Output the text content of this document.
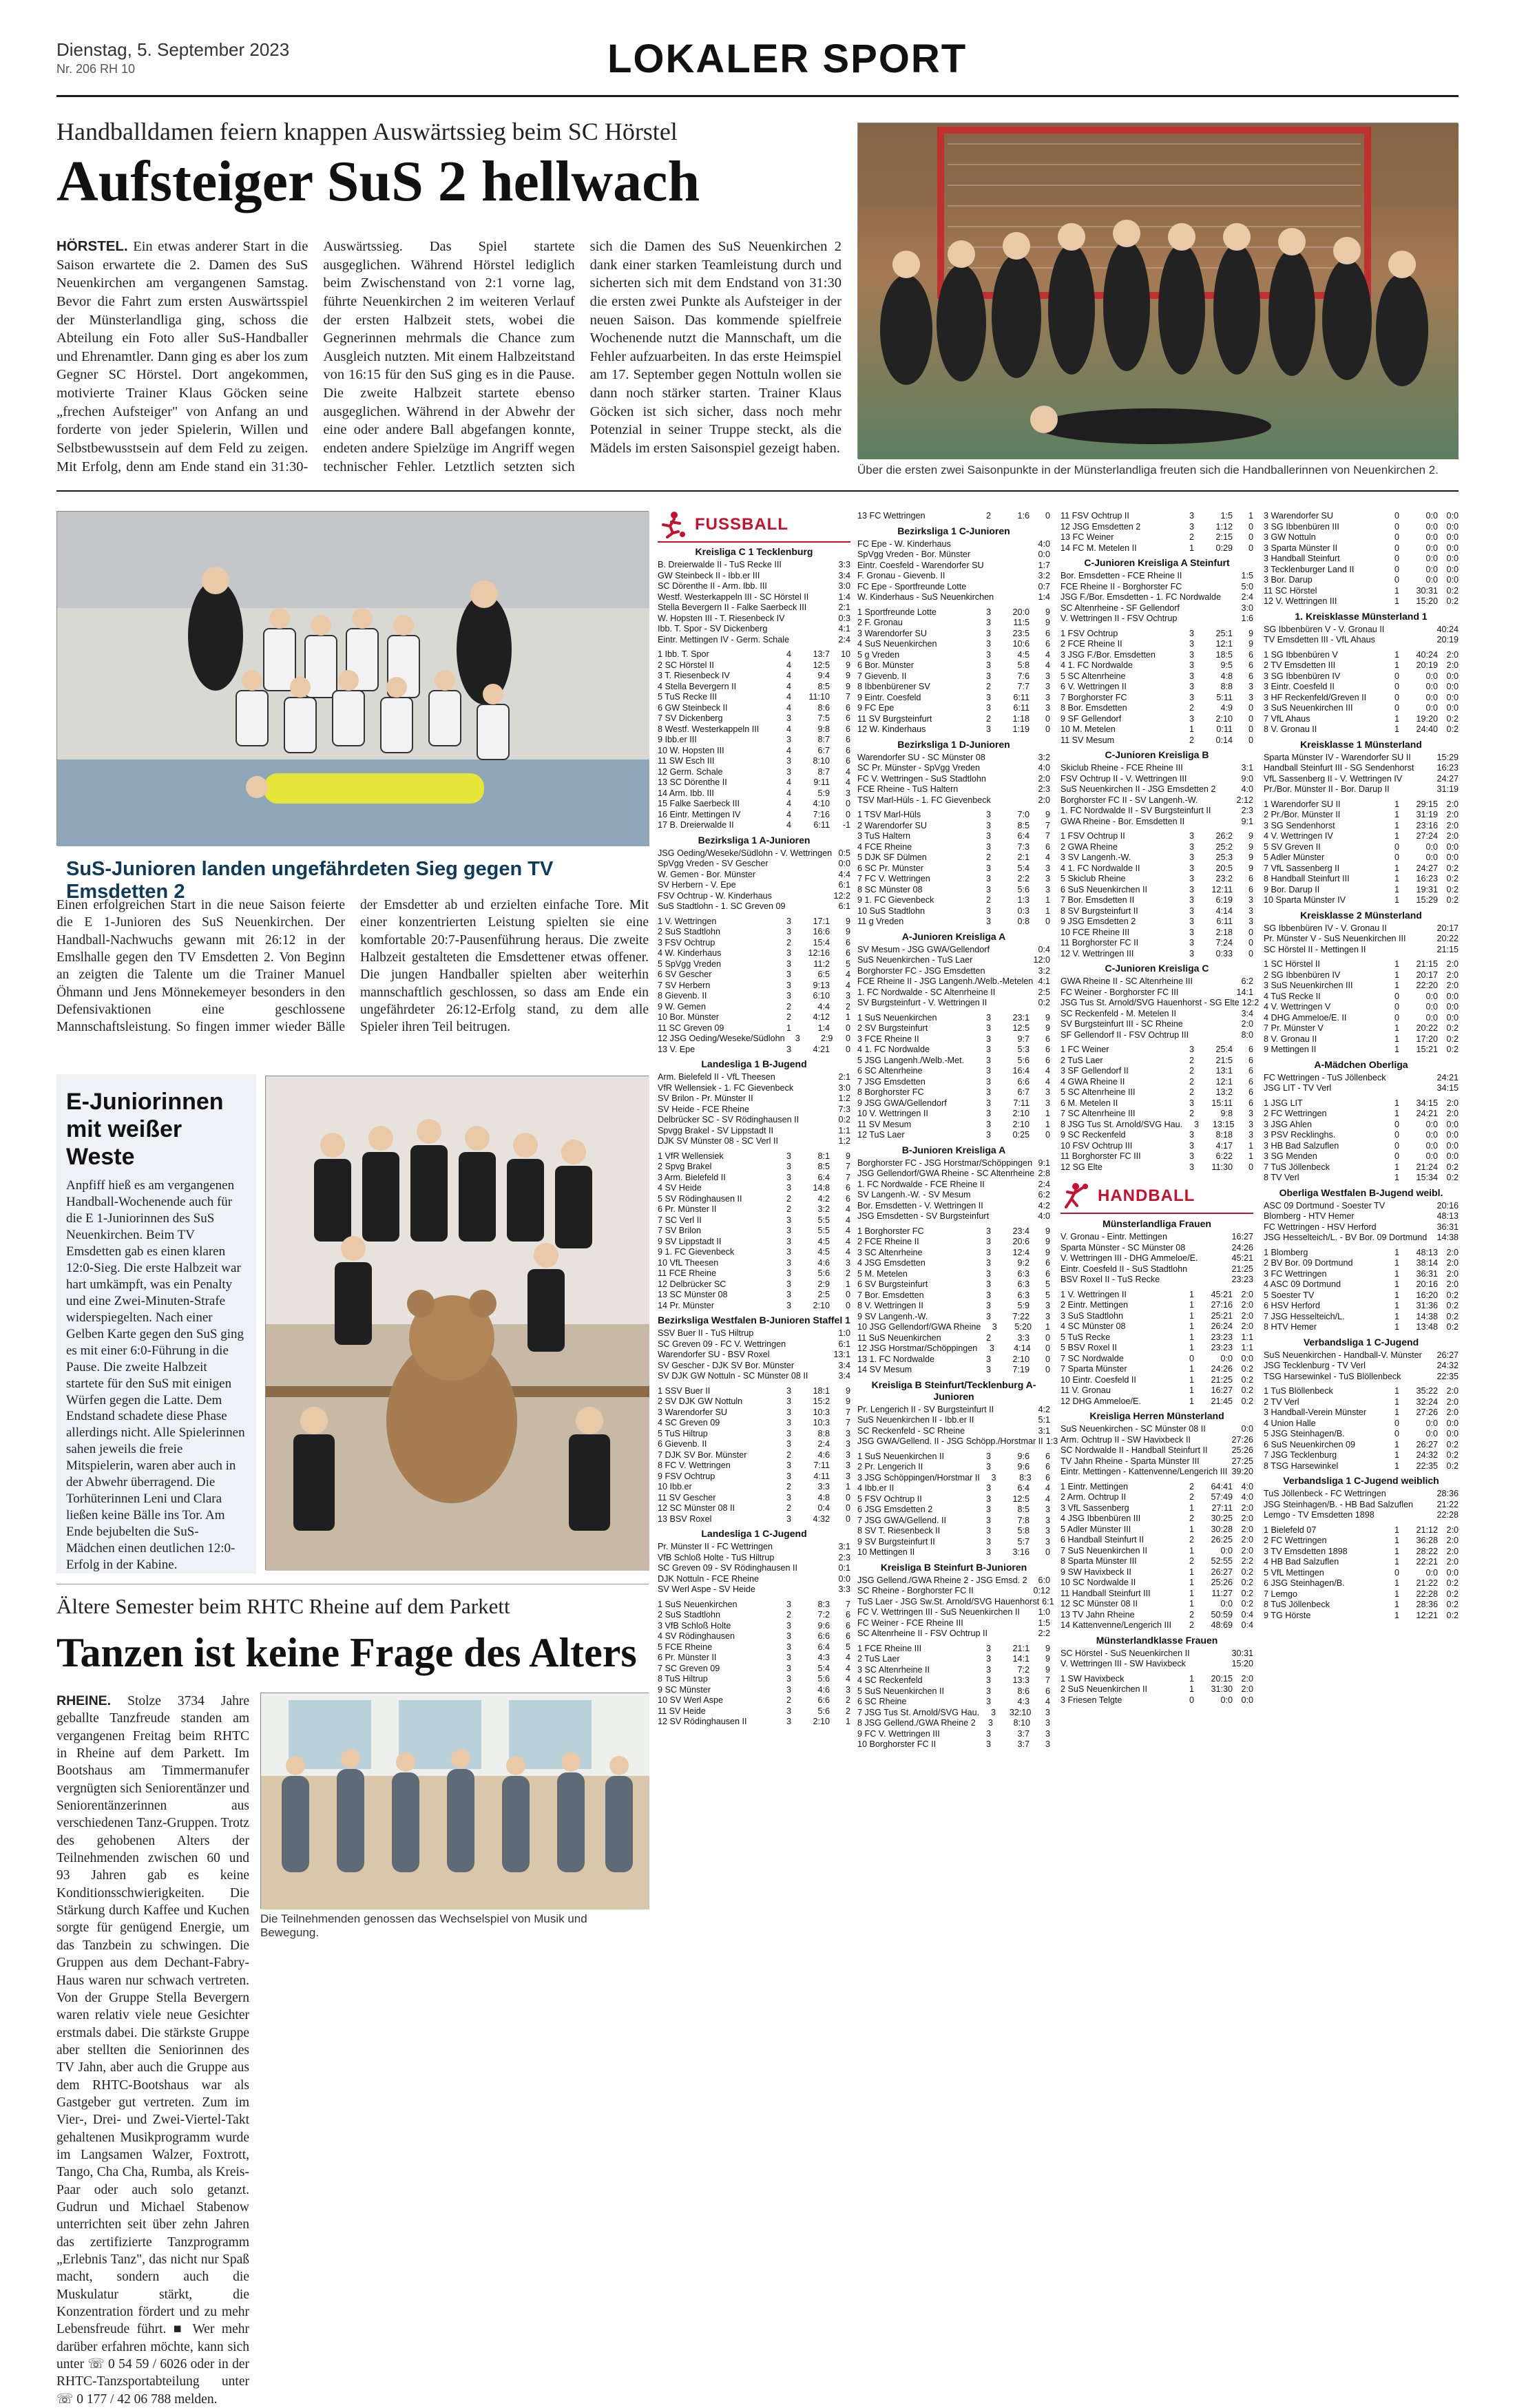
Dienstag, 5. September 2023
Nr. 206 RH 10	LOKALER SPORT
Handballdamen feiern knappen Auswärtssieg beim SC Hörstel
Aufsteiger SuS 2 hellwach
HÖRSTEL. Ein etwas anderer Start in die Saison erwartete die 2. Damen des SuS Neuenkirchen am vergangenen Samstag. Bevor die Fahrt zum ersten Auswärtsspiel der Münsterlandliga ging, schoss die Abteilung ein Foto aller SuS-Handballer und Ehrenamtler. Dann ging es aber los zum Gegner SC Hörstel. Dort angekommen, motivierte Trainer Klaus Göcken seine „frechen Aufsteiger" von Anfang an und forderte von jeder Spielerin, Willen und Selbstbewusstsein auf dem Feld zu zeigen. Mit Erfolg, denn am Ende stand ein 31:30-Auswärtssieg. Das Spiel startete ausgeglichen. Während Hörstel lediglich beim Zwischenstand von 2:1 vorne lag, führte Neuenkirchen 2 im weiteren Verlauf der ersten Halbzeit stets, wobei die Gegnerinnen mehrmals die Chance zum Ausgleich nutzten. Mit einem Halbzeitstand von 16:15 für den SuS ging es in die Pause. Die zweite Halbzeit startete ebenso ausgeglichen. Während in der Abwehr der eine oder andere Ball abgefangen konnte, endeten andere Spielzüge im Angriff wegen technischer Fehler. Letztlich setzten sich sich die Damen des SuS Neuenkirchen 2 dank einer starken Teamleistung durch und sicherten sich mit dem Endstand von 31:30 die ersten zwei Punkte als Aufsteiger in der neuen Saison. Das kommende spielfreie Wochenende nutzt die Mannschaft, um die Fehler aufzuarbeiten. In das erste Heimspiel am 17. September gegen Nottuln wollen sie dann noch stärker starten. Trainer Klaus Göcken ist sich sicher, dass noch mehr Potenzial in seiner Truppe steckt, als die Mädels im ersten Saisonspiel gezeigt haben.
Über die ersten zwei Saisonpunkte in der Münsterlandliga freuten sich die Handballerinnen von Neuenkirchen 2.
SuS-Junioren landen ungefährdeten Sieg gegen TV Emsdetten 2
Einen erfolgreichen Start in die neue Saison feierte die E 1-Junioren des SuS Neuenkirchen. Der Handball-Nachwuchs gewann mit 26:12 in der Emslhalle gegen den TV Emsdetten 2. Von Beginn an zeigten die Talente um die Trainer Manuel Öhmann und Jens Mönnekemeyer besonders in den Defensivaktionen eine geschlossene Mannschaftsleistung. So fingen immer wieder Bälle der Emsdetter ab und erzielten einfache Tore. Mit einer konzentrierten Leistung spielten sie eine komfortable 20:7-Pausenführung heraus. Die zweite Halbzeit gestalteten die Emsdettener etwas offener. Die jungen Handballer spielten aber weiterhin mannschaftlich geschlossen, so dass am Ende ein ungefährdeter 26:12-Erfolg stand, zu dem alle Spieler ihren Teil beitrugen.
E-Juniorinnen mit weißer Weste
Anpfiff hieß es am vergangenen Handball-Wochenende auch für die E 1-Juniorinnen des SuS Neuenkirchen. Beim TV Emsdetten gab es einen klaren 12:0-Sieg. Die erste Halbzeit war hart umkämpft, was ein Penalty und eine Zwei-Minuten-Strafe widerspiegelten. Nach einer Gelben Karte gegen den SuS ging es mit einer 6:0-Führung in die Pause. Die zweite Halbzeit startete für den SuS mit einigen Würfen gegen die Latte. Dem Endstand schadete diese Phase allerdings nicht. Alle Spielerinnen sahen jeweils die freie Mitspielerin, waren aber auch in der Abwehr überragend. Die Torhüterinnen Leni und Clara ließen keine Bälle ins Tor. Am Ende bejubelten die SuS-Mädchen einen deutlichen 12:0-Erfolg in der Kabine.
Ältere Semester beim RHTC Rheine auf dem Parkett
Tanzen ist keine Frage des Alters
RHEINE. Stolze 3734 Jahre geballte Tanzfreude standen am vergangenen Freitag beim RHTC in Rheine auf dem Parkett. Im Bootshaus am Timmermanufer vergnügten sich Seniorentänzer und Seniorentänzerinnen aus verschiedenen Tanz-Gruppen. Trotz des gehobenen Alters der Teilnehmenden zwischen 60 und 93 Jahren gab es keine Konditionsschwierigkeiten. Die Stärkung durch Kaffee und Kuchen sorgte für genügend Energie, um das Tanzbein zu schwingen. Die Gruppen aus dem Dechant-Fabry-Haus waren nur schwach vertreten. Von der Gruppe Stella Bevergern waren relativ viele neue Gesichter erstmals dabei. Die stärkste Gruppe aber stellten die Seniorinnen des TV Jahn, aber auch die Gruppe aus dem RHTC-Bootshaus war als Gastgeber gut vertreten. Zum im Vier-, Drei- und Zwei-Viertel-Takt gehaltenen Musikprogramm wurde im Langsamen Walzer, Foxtrott, Tango, Cha Cha, Rumba, als Kreis-Paar oder auch solo getanzt. Gudrun und Michael Stabenow unterrichten seit über zehn Jahren das zertifizierte Tanzprogramm „Erlebnis Tanz", das nicht nur Spaß macht, sondern auch die Muskulatur stärkt, die Konzentration fördert und zu mehr Lebensfreude führt. ■ Wer mehr darüber erfahren möchte, kann sich unter ☏ 0 54 59 / 6026 oder in der RHTC-Tanzsportabteilung unter ☏ 0 177 / 42 06 788 melden.
Die Teilnehmenden genossen das Wechselspiel von Musik und Bewegung.
FUSSBALL
Kreisliga C 1 Tecklenburg
B. Dreierwalde II - TuS Recke III	3:3
GW Steinbeck II - Ibb.er III	3:4
SC Dörenthe II - Arm. Ibb. III	3:0
Westf. Westerkappeln III - SC Hörstel II	1:4
Stella Bevergern II - Falke Saerbeck III	2:1
W. Hopsten III - T. Riesenbeck IV	0:3
Ibb. T. Spor - SV Dickenberg	4:1
Eintr. Mettingen IV - Germ. Schale	2:4
1 Ibb. T. Spor	4	13:7	10
2 SC Hörstel II	4	12:5	9
3 T. Riesenbeck IV	4	9:4	9
4 Stella Bevergern II	4	8:5	9
5 TuS Recke III	4	11:10	7
6 GW Steinbeck II	4	8:6	6
7 SV Dickenberg	3	7:5	6
8 Westf. Westerkappeln III	4	9:8	6
9 Ibb.er III	3	8:7	6
10 W. Hopsten III	4	6:7	6
11 SW Esch III	3	8:10	6
12 Germ. Schale	3	8:7	4
13 SC Dörenthe II	4	9:11	4
14 Arm. Ibb. III	4	5:9	3
15 Falke Saerbeck III	4	4:10	0
16 Eintr. Mettingen IV	4	7:16	0
17 B. Dreierwalde II	4	6:11	-1
Bezirksliga 1 A-Junioren
JSG Oeding/Weseke/Südlohn - V. Wettringen 0:5
SpVgg Vreden - SV Gescher	0:0
W. Gemen - Bor. Münster	4:4
SV Herbern - V. Epe	6:1
FSV Ochtrup - W. Kinderhaus	12:2
SuS Stadtlohn - 1. SC Greven 09	6:1
1 V. Wettringen	3	17:1	9
2 SuS Stadtlohn	3	16:6	9
3 FSV Ochtrup	2	15:4	6
4 W. Kinderhaus	3	12:16	6
5 SpVgg Vreden	3	11:2	5
6 SV Gescher	3	6:5	4
7 SV Herbern	3	9:13	4
8 Gievenb. II	3	6:10	3
9 W. Gemen	2	4:4	2
10 Bor. Münster	2	4:12	1
11 SC Greven 09	1	1:4	0
12 JSG Oeding/Weseke/Südlohn	3	2:9	0
13 V. Epe	3	4:21	0
Landesliga 1 B-Jugend
Arm. Bielefeld II - VfL Theesen	2:1
VfR Wellensiek - 1. FC Gievenbeck	3:0
SV Brilon - Pr. Münster II	1:2
SV Heide - FCE Rheine	7:3
Delbrücker SC - SV Rödinghausen II	0:2
Spvgg Brakel - SV Lippstadt II	1:1
DJK SV Münster 08 - SC Verl II	1:2
1 VfR Wellensiek	3	8:1	9
2 Spvg Brakel	3	8:5	7
3 Arm. Bielefeld II	3	6:4	7
4 SV Heide	3	14:8	6
5 SV Rödinghausen II	2	4:2	6
6 Pr. Münster II	2	3:2	4
7 SC Verl II	3	5:5	4
7 SV Brilon	3	5:5	4
9 SV Lippstadt II	3	4:5	4
9 1. FC Gievenbeck	3	4:5	4
10 VfL Theesen	3	4:6	3
11 FCE Rheine	3	5:6	2
12 Delbrücker SC	3	2:9	1
13 SC Münster 08	3	2:5	0
14 Pr. Münster	3	2:10	0
Bezirksliga Westfalen B-Junioren Staffel 1
SSV Buer II - TuS Hiltrup	1:0
SC Greven 09 - FC V. Wettringen	6:1
Warendorfer SU - BSV Roxel	13:1
SV Gescher - DJK SV Bor. Münster	3:4
SV DJK GW Nottuln - SC Münster 08 II	3:4
1 SSV Buer II	3	18:1	9
2 SV DJK GW Nottuln	3	15:2	9
3 Warendorfer SU	3	10:3	7
4 SC Greven 09	3	10:3	7
5 TuS Hiltrup	3	8:8	3
6 Gievenb. II	3	2:4	3
7 DJK SV Bor. Münster	2	4:6	3
8 FC V. Wettringen	3	7:11	3
9 FSV Ochtrup	3	4:11	3
10 Ibb.er	2	3:3	1
11 SV Gescher	3	4:8	0
12 SC Münster 08 II	2	0:4	0
13 BSV Roxel	3	4:32	0
Landesliga 1 C-Jugend
Pr. Münster II - FC Wettringen	3:1
VfB Schloß Holte - TuS Hiltrup	2:3
SC Greven 09 - SV Rödinghausen II	0:1
DJK Nottuln - FCE Rheine	0:0
SV Werl Aspe - SV Heide	3:3
1 SuS Neuenkirchen	3	8:3	7
2 SuS Stadtlohn	2	7:2	6
3 VfB Schloß Holte	3	9:6	6
4 SV Rödinghausen	3	6:6	6
5 FCE Rheine	3	6:4	5
6 Pr. Münster II	3	4:3	4
7 SC Greven 09	3	5:4	4
8 TuS Hiltrup	3	5:6	4
9 SC Münster	3	4:6	3
10 SV Werl Aspe	2	6:6	2
11 SV Heide	3	5:6	2
12 SV Rödinghausen II	3	2:10	1
13 FC Wettringen	2	1:6	0
Bezirksliga 1 C-Junioren
FC Epe - W. Kinderhaus	4:0
SpVgg Vreden - Bor. Münster	0:0
Eintr. Coesfeld - Warendorfer SU	1:7
F. Gronau - Gievenb. II	3:2
FC Epe - Sportfreunde Lotte	0:7
W. Kinderhaus - SuS Neuenkirchen	1:4
1 Sportfreunde Lotte	3	20:0	9
2 F. Gronau	3	11:5	9
3 Warendorfer SU	3	23:5	6
4 SuS Neuenkirchen	3	10:6	6
5 g Vreden	3	4:5	4
6 Bor. Münster	3	5:8	4
7 Gievenb. II	3	7:6	3
8 Ibbenbürener SV	2	7:7	3
9 Eintr. Coesfeld	3	6:11	3
9 FC Epe	3	6:11	3
11 SV Burgsteinfurt	2	1:18	0
12 W. Kinderhaus	3	1:19	0
Bezirksliga 1 D-Junioren
Warendorfer SU - SC Münster 08	3:2
SC Pr. Münster - SpVgg Vreden	4:0
FC V. Wettringen - SuS Stadtlohn	2:0
FCE Rheine - TuS Haltern	2:3
TSV Marl-Hüls - 1. FC Gievenbeck	2:0
1 TSV Marl-Hüls	3	7:0	9
2 Warendorfer SU	3	8:5	7
3 TuS Haltern	3	6:4	7
4 FCE Rheine	3	7:3	6
5 DJK SF Dülmen	2	2:1	4
6 SC Pr. Münster	3	5:4	3
7 FC V. Wettringen	3	2:2	3
8 SC Münster 08	3	5:6	3
9 1. FC Gievenbeck	2	1:3	1
10 SuS Stadtlohn	3	0:3	1
11 g Vreden	3	0:8	0
A-Junioren Kreisliga A
SV Mesum - JSG GWA/Gellendorf	0:4
SuS Neuenkirchen - TuS Laer	12:0
Borghorster FC - JSG Emsdetten	3:2
FCE Rheine II - JSG Langenh./Welb.-Metelen 4:1
1. FC Nordwalde - SC Altenrheine II	2:5
SV Burgsteinfurt - V. Wettringen II	0:2
1 SuS Neuenkirchen	3	23:1	9
2 SV Burgsteinfurt	3	12:5	9
3 FCE Rheine II	3	9:7	6
4 1. FC Nordwalde	3	5:3	6
5 JSG Langenh./Welb.-Met.	3	5:6	6
6 SC Altenrheine	3	16:4	4
7 JSG Emsdetten	3	6:6	4
8 Borghorster FC	3	6:7	3
9 JSG GWA/Gellendorf	3	7:11	3
10 V. Wettringen II	3	2:10	1
11 SV Mesum	3	2:10	1
12 TuS Laer	3	0:25	0
B-Junioren Kreisliga A
Borghorster FC - JSG Horstmar/Schöppingen 9:1
JSG Gellendorf/GWA Rheine - SC Altenrheine 2:8
1. FC Nordwalde - FCE Rheine II	2:4
SV Langenh.-W. - SV Mesum	6:2
Bor. Emsdetten - V. Wettringen II	4:2
JSG Emsdetten - SV Burgsteinfurt	4:0
1 Borghorster FC	3	23:4	9
2 FCE Rheine II	3	20:6	9
3 SC Altenrheine	3	12:4	9
4 JSG Emsdetten	3	9:2	6
5 M. Metelen	3	6:3	6
6 SV Burgsteinfurt	3	6:3	5
7 Bor. Emsdetten	3	6:3	5
8 V. Wettringen II	3	5:9	3
9 SV Langenh.-W.	3	7:22	3
10 JSG Gellendorf/GWA Rheine	3	5:20	1
11 SuS Neuenkirchen	2	3:3	0
12 JSG Horstmar/Schöppingen	3	4:14	0
13 1. FC Nordwalde	3	2:10	0
14 SV Mesum	3	7:19	0
Kreisliga B Steinfurt/Tecklenburg A-Junioren
Pr. Lengerich II - SV Burgsteinfurt II	4:2
SuS Neuenkirchen II - Ibb.er II	5:1
SC Reckenfeld - SC Rheine	3:1
JSG GWA/Gellend. II - JSG Schöpp./Horstmar II 1:3
1 SuS Neuenkirchen II	3	9:6	6
2 Pr. Lengerich II	3	9:6	6
3 JSG Schöppingen/Horstmar II	3	8:3	6
4 Ibb.er II	3	6:4	4
5 FSV Ochtrup II	3	12:5	4
6 JSG Emsdetten 2	3	8:5	3
7 JSG GWA/Gellend. II	3	7:8	3
8 SV T. Riesenbeck II	3	5:8	3
9 SV Burgsteinfurt II	3	5:7	3
10 Mettingen II	3	3:16	0
Kreisliga B Steinfurt B-Junioren
JSG Gellend./GWA Rheine 2 - JSG Emsd. 2	6:0
SC Rheine - Borghorster FC II	0:12
TuS Laer - JSG Sw.St. Arnold/SVG Hauenhorst 6:1
FC V. Wettringen III - SuS Neuenkirchen II	1:0
FC Weiner - FCE Rheine III	1:5
SC Altenrheine II - FSV Ochtrup II	2:2
1 FCE Rheine III	3	21:1	9
2 TuS Laer	3	14:1	9
3 SC Altenrheine II	3	7:2	9
4 SC Reckenfeld	3	13:3	7
5 SuS Neuenkirchen II	3	8:6	6
6 SC Rheine	3	4:3	4
7 JSG Tus St. Arnold/SVG Hau.	3	32:10	3
8 JSG Gellend./GWA Rheine 2	3	8:10	3
9 FC V. Wettringen III	3	3:7	3
10 Borghorster FC II	3	3:7	3
11 FSV Ochtrup II	3	1:5	1
12 JSG Emsdetten 2	3	1:12	0
13 FC Weiner	2	2:15	0
14 FC M. Metelen II	1	0:29	0
C-Junioren Kreisliga A Steinfurt
Bor. Emsdetten - FCE Rheine II	1:5
FCE Rheine II - Borghorster FC	5:0
JSG F./Bor. Emsdetten - 1. FC Nordwalde	2:4
SC Altenrheine - SF Gellendorf	3:0
V. Wettringen II - FSV Ochtrup	1:6
1 FSV Ochtrup	3	25:1	9
2 FCE Rheine II	3	12:1	9
3 JSG F./Bor. Emsdetten	3	18:5	6
4 1. FC Nordwalde	3	9:5	6
5 SC Altenrheine	3	4:8	6
6 V. Wettringen II	3	8:8	3
7 Borghorster FC	3	5:11	3
8 Bor. Emsdetten	2	4:9	0
9 SF Gellendorf	3	2:10	0
10 M. Metelen	1	0:11	0
11 SV Mesum	2	0:14	0
C-Junioren Kreisliga B
Skiclub Rheine - FCE Rheine III	3:1
FSV Ochtrup II - V. Wettringen III	9:0
SuS Neuenkirchen II - JSG Emsdetten 2	4:0
Borghorster FC II - SV Langenh.-W.	2:12
1. FC Nordwalde II - SV Burgsteinfurt II	2:3
GWA Rheine - Bor. Emsdetten II	9:1
1 FSV Ochtrup II	3	26:2	9
2 GWA Rheine	3	25:2	9
3 SV Langenh.-W.	3	25:3	9
4 1. FC Nordwalde II	3	20:5	9
5 Skiclub Rheine	3	23:2	6
6 SuS Neuenkirchen II	3	12:11	6
7 Bor. Emsdetten II	3	6:19	3
8 SV Burgsteinfurt II	3	4:14	3
9 JSG Emsdetten 2	3	6:11	3
10 FCE Rheine III	3	2:18	0
11 Borghorster FC II	3	7:24	0
12 V. Wettringen III	3	0:33	0
C-Junioren Kreisliga C
GWA Rheine II - SC Altenrheine III	6:2
FC Weiner - Borghorster FC III	14:1
JSG Tus St. Arnold/SVG Hauenhorst - SG Elte 12:2
SC Reckenfeld - M. Metelen II	3:4
SV Burgsteinfurt III - SC Rheine	2:0
SF Gellendorf II - FSV Ochtrup III	8:0
1 FC Weiner	3	25:4	6
2 TuS Laer	2	21:5	6
3 SF Gellendorf II	2	13:1	6
4 GWA Rheine II	2	12:1	6
5 SC Altenrheine III	2	13:2	6
6 M. Metelen II	3	15:11	6
7 SC Altenrheine III	2	9:8	3
8 JSG Tus St. Arnold/SVG Hau.	3	13:15	3
9 SC Reckenfeld	3	8:18	3
10 FSV Ochtrup III	3	4:17	1
11 Borghorster FC III	3	6:22	1
12 SG Elte	3	11:30	0
HANDBALL
Münsterlandliga Frauen
V. Gronau - Eintr. Mettingen	16:27
Sparta Münster - SC Münster 08	24:26
V. Wettringen III - DHG Ammeloe/E.	45:21
Eintr. Coesfeld II - SuS Stadtlohn	21:25
BSV Roxel II - TuS Recke	23:23
1 V. Wettringen II	1	45:21 2:0
2 Eintr. Mettingen	1	27:16 2:0
3 SuS Stadtlohn	1	25:21 2:0
4 SC Münster 08	1	26:24 2:0
5 TuS Recke	1	23:23 1:1
5 BSV Roxel II	1	23:23 1:1
7 SC Nordwalde	0	0:0 0:0
7 Sparta Münster	1	24:26 0:2
10 Eintr. Coesfeld II	1	21:25 0:2
11 V. Gronau	1	16:27 0:2
12 DHG Ammeloe/E.	1	21:45 0:2
Kreisliga Herren Münsterland
SuS Neuenkirchen - SC Münster 08 II	0:0
Arm. Ochtrup II - SW Havixbeck II	27:26
SC Nordwalde II - Handball Steinfurt II	25:26
TV Jahn Rheine - Sparta Münster III	27:25
Eintr. Mettingen - Kattenvenne/Lengerich III 39:20
1 Eintr. Mettingen	2	64:41 4:0
2 Arm. Ochtrup II	2	57:49 4:0
3 VfL Sassenberg	1	27:11 2:0
4 JSG Ibbenbüren III	2	30:25 2:0
5 Adler Münster III	1	30:28 2:0
6 Handball Steinfurt II	2	26:25 2:0
7 SuS Neuenkirchen II	1	0:0 2:0
8 Sparta Münster III	2	52:55 2:2
9 SW Havixbeck II	1	26:27 0:2
10 SC Nordwalde II	1	25:26 0:2
11 Handball Steinfurt III	1	11:27 0:2
12 SC Münster 08 II	1	0:0 0:2
13 TV Jahn Rheine	2	50:59 0:4
14 Kattenvenne/Lengerich III	2	48:69 0:4
Münsterlandklasse Frauen
SC Hörstel - SuS Neuenkirchen II	30:31
V. Wettringen III - SW Havixbeck	15:20
1 SW Havixbeck	1	20:15 2:0
2 SuS Neuenkirchen II	1	31:30 2:0
3 Friesen Telgte	0	0:0 0:0
3 Warendorfer SU	0	0:0 0:0
3 SG Ibbenbüren III	0	0:0 0:0
3 GW Nottuln	0	0:0 0:0
3 Sparta Münster II	0	0:0 0:0
3 Handball Steinfurt	0	0:0 0:0
3 Tecklenburger Land II	0	0:0 0:0
3 Bor. Darup	0	0:0 0:0
11 SC Hörstel	1	30:31 0:2
12 V. Wettringen III	1	15:20 0:2
1. Kreisklasse Münsterland 1
SG Ibbenbüren V - V. Gronau II	40:24
TV Emsdetten III - VfL Ahaus	20:19
1 SG Ibbenbüren V	1	40:24 2:0
2 TV Emsdetten III	1	20:19 2:0
3 SG Ibbenbüren IV	0	0:0 0:0
3 Eintr. Coesfeld II	0	0:0 0:0
3 HF Reckenfeld/Greven II	0	0:0 0:0
3 SuS Neuenkirchen III	0	0:0 0:0
7 VfL Ahaus	1	19:20 0:2
8 V. Gronau II	1	24:40 0:2
Kreisklasse 1 Münsterland
Sparta Münster IV - Warendorfer SU II	15:29
Handball Steinfurt III - SG Sendenhorst	16:23
VfL Sassenberg II - V. Wettringen IV	24:27
Pr./Bor. Münster II - Bor. Darup II	31:19
1 Warendorfer SU II	1	29:15 2:0
2 Pr./Bor. Münster II	1	31:19 2:0
3 SG Sendenhorst	1	23:16 2:0
4 V. Wettringen IV	1	27:24 2:0
5 SV Greven II	0	0:0 0:0
5 Adler Münster	0	0:0 0:0
7 VfL Sassenberg II	1	24:27 0:2
8 Handball Steinfurt III	1	16:23 0:2
9 Bor. Darup II	1	19:31 0:2
10 Sparta Münster IV	1	15:29 0:2
Kreisklasse 2 Münsterland
SG Ibbenbüren IV - V. Gronau II	20:17
Pr. Münster V - SuS Neuenkirchen III	20:22
SC Hörstel II - Mettingen II	21:15
1 SC Hörstel II	1	21:15 2:0
2 SG Ibbenbüren IV	1	20:17 2:0
3 SuS Neuenkirchen III	1	22:20 2:0
4 TuS Recke II	0	0:0 0:0
4 V. Wettringen V	0	0:0 0:0
4 DHG Ammeloe/E. II	0	0:0 0:0
7 Pr. Münster V	1	20:22 0:2
8 V. Gronau II	1	17:20 0:2
9 Mettingen II	1	15:21 0:2
A-Mädchen Oberliga
FC Wettringen - TuS Jöllenbeck	24:21
JSG LIT - TV Verl	34:15
1 JSG LIT	1	34:15 2:0
2 FC Wettringen	1	24:21 2:0
3 JSG Ahlen	0	0:0 0:0
3 PSV Recklinghs.	0	0:0 0:0
3 HB Bad Salzuflen	0	0:0 0:0
3 SG Menden	0	0:0 0:0
7 TuS Jöllenbeck	1	21:24 0:2
8 TV Verl	1	15:34 0:2
Oberliga Westfalen B-Jugend weibl.
ASC 09 Dortmund - Soester TV	20:16
Blomberg - HTV Hemer	48:13
FC Wettringen - HSV Herford	36:31
JSG Hesselteich/L. - BV Bor. 09 Dortmund	14:38
1 Blomberg	1	48:13 2:0
2 BV Bor. 09 Dortmund	1	38:14 2:0
3 FC Wettringen	1	36:31 2:0
4 ASC 09 Dortmund	1	20:16 2:0
5 Soester TV	1	16:20 0:2
6 HSV Herford	1	31:36 0:2
7 JSG Hesselteich/L.	1	14:38 0:2
8 HTV Hemer	1	13:48 0:2
Verbandsliga 1 C-Jugend
SuS Neuenkirchen - Handball-V. Münster	26:27
JSG Tecklenburg - TV Verl	24:32
TSG Harsewinkel - TuS Blöllenbeck	22:35
1 TuS Blöllenbeck	1	35:22 2:0
2 TV Verl	1	32:24 2:0
3 Handball-Verein Münster	1	27:26 2:0
4 Union Halle	0	0:0 0:0
5 JSG Steinhagen/B.	0	0:0 0:0
6 SuS Neuenkirchen 09	1	26:27 0:2
7 JSG Tecklenburg	1	24:32 0:2
8 TSG Harsewinkel	1	22:35 0:2
Verbandsliga 1 C-Jugend weiblich
TuS Jöllenbeck - FC Wettringen	28:36
JSG Steinhagen/B. - HB Bad Salzuflen	21:22
Lemgo - TV Emsdetten 1898	22:28
1 Bielefeld 07	1	21:12 2:0
2 FC Wettringen	1	36:28 2:0
3 TV Emsdetten 1898	1	28:22 2:0
4 HB Bad Salzuflen	1	22:21 2:0
5 VfL Mettingen	0	0:0 0:0
6 JSG Steinhagen/B.	1	21:22 0:2
7 Lemgo	1	22:28 0:2
8 TuS Jöllenbeck	1	28:36 0:2
9 TG Hörste	1	12:21 0:2
